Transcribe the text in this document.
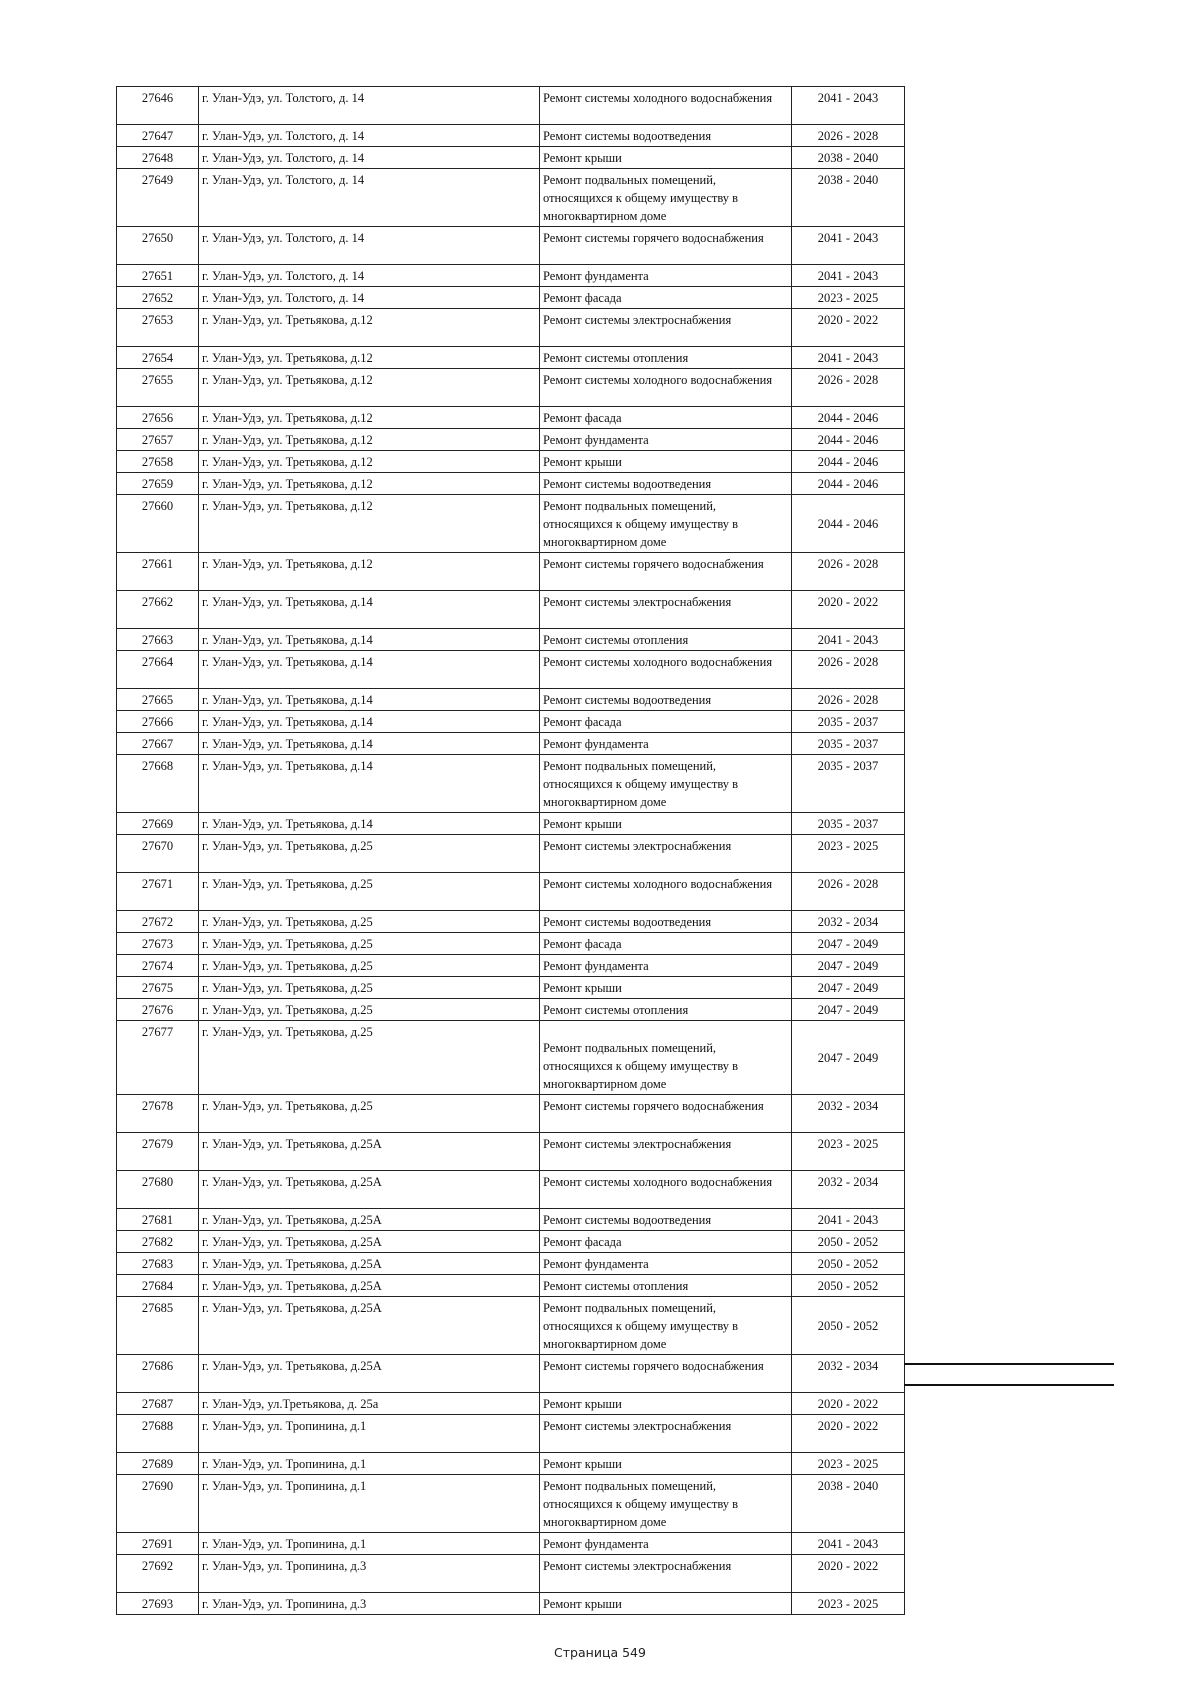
27646	г. Улан-Удэ, ул. Толстого, д. 14	Ремонт системы холодного водоснабжения	2041 - 2043
27647	г. Улан-Удэ, ул. Толстого, д. 14	Ремонт системы водоотведения	2026 - 2028
27648	г. Улан-Удэ, ул. Толстого, д. 14	Ремонт крыши	2038 - 2040
27649	г. Улан-Удэ, ул. Толстого, д. 14	Ремонт подвальных помещений, относящихся к общему имуществу в многоквартирном доме	2038 - 2040
27650	г. Улан-Удэ, ул. Толстого, д. 14	Ремонт системы горячего водоснабжения	2041 - 2043
27651	г. Улан-Удэ, ул. Толстого, д. 14	Ремонт фундамента	2041 - 2043
27652	г. Улан-Удэ, ул. Толстого, д. 14	Ремонт фасада	2023 - 2025
27653	г. Улан-Удэ, ул. Третьякова, д.12	Ремонт системы электроснабжения	2020 - 2022
27654	г. Улан-Удэ, ул. Третьякова, д.12	Ремонт системы отопления	2041 - 2043
27655	г. Улан-Удэ, ул. Третьякова, д.12	Ремонт системы холодного водоснабжения	2026 - 2028
27656	г. Улан-Удэ, ул. Третьякова, д.12	Ремонт фасада	2044 - 2046
27657	г. Улан-Удэ, ул. Третьякова, д.12	Ремонт фундамента	2044 - 2046
27658	г. Улан-Удэ, ул. Третьякова, д.12	Ремонт крыши	2044 - 2046
27659	г. Улан-Удэ, ул. Третьякова, д.12	Ремонт системы водоотведения	2044 - 2046
27660	г. Улан-Удэ, ул. Третьякова, д.12	Ремонт подвальных помещений, относящихся к общему имуществу в многоквартирном доме	2044 - 2046
27661	г. Улан-Удэ, ул. Третьякова, д.12	Ремонт системы горячего водоснабжения	2026 - 2028
27662	г. Улан-Удэ, ул. Третьякова, д.14	Ремонт системы электроснабжения	2020 - 2022
27663	г. Улан-Удэ, ул. Третьякова, д.14	Ремонт системы отопления	2041 - 2043
27664	г. Улан-Удэ, ул. Третьякова, д.14	Ремонт системы холодного водоснабжения	2026 - 2028
27665	г. Улан-Удэ, ул. Третьякова, д.14	Ремонт системы водоотведения	2026 - 2028
27666	г. Улан-Удэ, ул. Третьякова, д.14	Ремонт фасада	2035 - 2037
27667	г. Улан-Удэ, ул. Третьякова, д.14	Ремонт фундамента	2035 - 2037
27668	г. Улан-Удэ, ул. Третьякова, д.14	Ремонт подвальных помещений, относящихся к общему имуществу в многоквартирном доме	2035 - 2037
27669	г. Улан-Удэ, ул. Третьякова, д.14	Ремонт крыши	2035 - 2037
27670	г. Улан-Удэ, ул. Третьякова, д.25	Ремонт системы электроснабжения	2023 - 2025
27671	г. Улан-Удэ, ул. Третьякова, д.25	Ремонт системы холодного водоснабжения	2026 - 2028
27672	г. Улан-Удэ, ул. Третьякова, д.25	Ремонт системы водоотведения	2032 - 2034
27673	г. Улан-Удэ, ул. Третьякова, д.25	Ремонт фасада	2047 - 2049
27674	г. Улан-Удэ, ул. Третьякова, д.25	Ремонт фундамента	2047 - 2049
27675	г. Улан-Удэ, ул. Третьякова, д.25	Ремонт крыши	2047 - 2049
27676	г. Улан-Удэ, ул. Третьякова, д.25	Ремонт системы отопления	2047 - 2049
27677	г. Улан-Удэ, ул. Третьякова, д.25	Ремонт подвальных помещений, относящихся к общему имуществу в многоквартирном доме	2047 - 2049
27678	г. Улан-Удэ, ул. Третьякова, д.25	Ремонт системы горячего водоснабжения	2032 - 2034
27679	г. Улан-Удэ, ул. Третьякова, д.25А	Ремонт системы электроснабжения	2023 - 2025
27680	г. Улан-Удэ, ул. Третьякова, д.25А	Ремонт системы холодного водоснабжения	2032 - 2034
27681	г. Улан-Удэ, ул. Третьякова, д.25А	Ремонт системы водоотведения	2041 - 2043
27682	г. Улан-Удэ, ул. Третьякова, д.25А	Ремонт фасада	2050 - 2052
27683	г. Улан-Удэ, ул. Третьякова, д.25А	Ремонт фундамента	2050 - 2052
27684	г. Улан-Удэ, ул. Третьякова, д.25А	Ремонт системы отопления	2050 - 2052
27685	г. Улан-Удэ, ул. Третьякова, д.25А	Ремонт подвальных помещений, относящихся к общему имуществу в многоквартирном доме	2050 - 2052
27686	г. Улан-Удэ, ул. Третьякова, д.25А	Ремонт системы горячего водоснабжения	2032 - 2034
27687	г. Улан-Удэ, ул.Третьякова, д. 25а	Ремонт крыши	2020 - 2022
27688	г. Улан-Удэ, ул. Тропинина, д.1	Ремонт системы электроснабжения	2020 - 2022
27689	г. Улан-Удэ, ул. Тропинина, д.1	Ремонт крыши	2023 - 2025
27690	г. Улан-Удэ, ул. Тропинина, д.1	Ремонт подвальных помещений, относящихся к общему имуществу в многоквартирном доме	2038 - 2040
27691	г. Улан-Удэ, ул. Тропинина, д.1	Ремонт фундамента	2041 - 2043
27692	г. Улан-Удэ, ул. Тропинина, д.3	Ремонт системы электроснабжения	2020 - 2022
27693	г. Улан-Удэ, ул. Тропинина, д.3	Ремонт крыши	2023 - 2025
Страница 549
